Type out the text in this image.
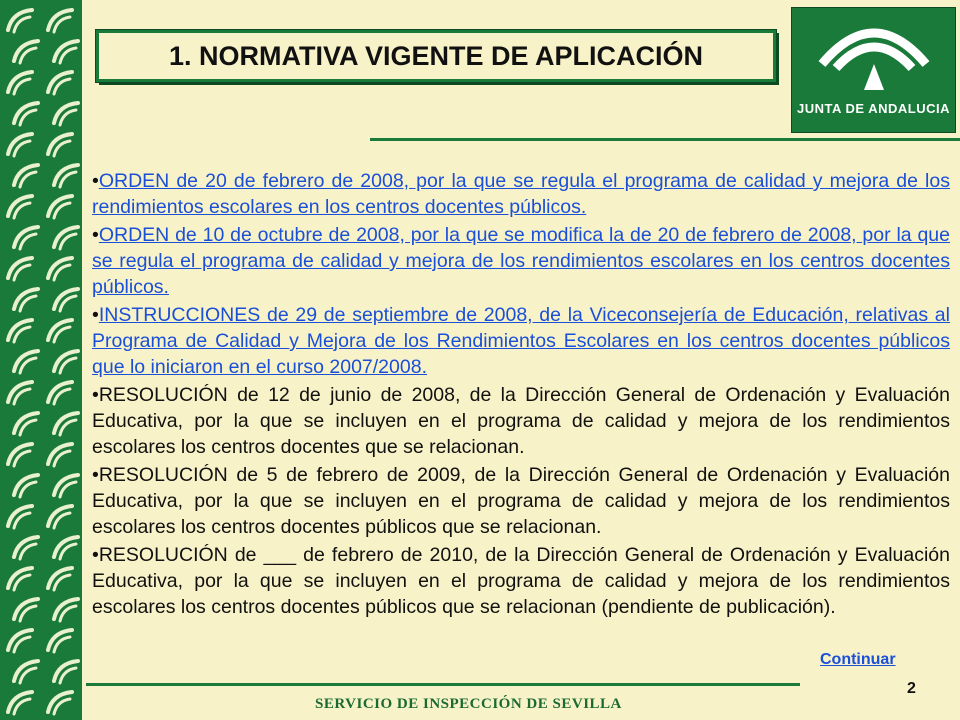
1. NORMATIVA VIGENTE DE APLICACIÓN
JUNTA DE ANDALUCIA

•ORDEN de 20 de febrero de 2008, por la que se regula el programa de calidad y mejora de los rendimientos escolares en los centros docentes públicos.

•ORDEN de 10 de octubre de 2008, por la que se modifica la de 20 de febrero de 2008, por la que se regula el programa de calidad y mejora de los rendimientos escolares en los centros docentes públicos.

•INSTRUCCIONES de 29 de septiembre de 2008, de la Viceconsejería de Educación, relativas al Programa de Calidad y Mejora de los Rendimientos Escolares en los centros docentes públicos que lo iniciaron en el curso 2007/2008.

•RESOLUCIÓN de 12 de junio de 2008, de la Dirección General de Ordenación y Evaluación Educativa, por la que se incluyen en el programa de calidad y mejora de los rendimientos escolares los centros docentes que se relacionan.

•RESOLUCIÓN de 5 de febrero de 2009, de la Dirección General de Ordenación y Evaluación Educativa, por la que se incluyen en el programa de calidad y mejora de los rendimientos escolares los centros docentes públicos que se relacionan.

•RESOLUCIÓN de ___ de febrero de 2010, de la Dirección General de Ordenación y Evaluación Educativa, por la que se incluyen en el programa de calidad y mejora de los rendimientos escolares los centros docentes públicos que se relacionan (pendiente de publicación).

Continuar
2
SERVICIO DE INSPECCIÓN DE SEVILLA
